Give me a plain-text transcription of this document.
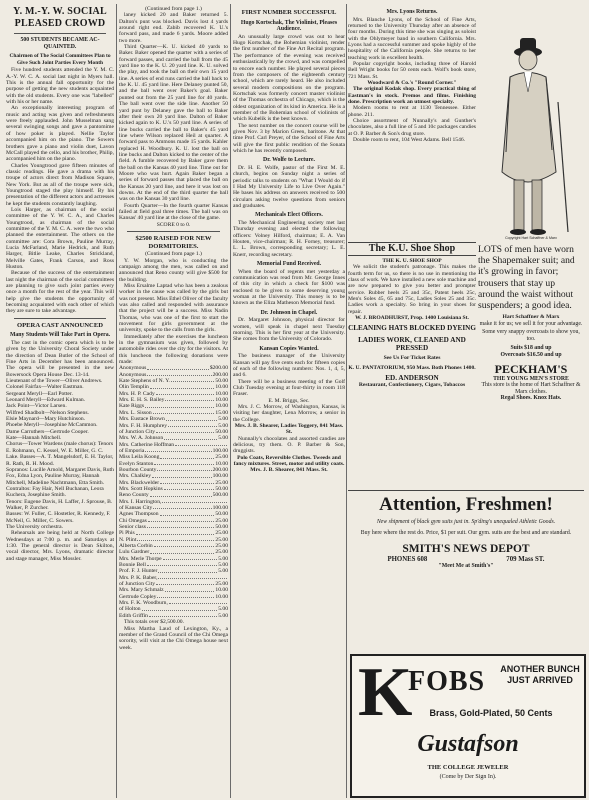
Y. M.-Y. W. SOCIAL PLEASED CROWD
500 STUDENTS BECAME AC-QUAINTED.
Chairmen of The Social Committees Plan to Give Such Joint Parties Every Month

Five hundred students attended the Y. M. C. A.-Y. W. C. A. social last night in Myers hall. This is the annual fall opportunity for the purpose of getting the new students acquainted with the old students. Every one was "labelled" with his or her name.

An exceptionally interesting program of music and acting was given and refreshments were freely applauded. John Musselman sang several swinging songs and gave a pantomime of how poker is played. Nellie Taylor accompanied him on the piano. The Sowers brothers gave a piano and violin duet, Lavon McCall played the cello, and his brother, Philip, accompanied him on the piano.

Charles Youngtrood gave fifteen minutes of classic readings. He gave a drama with his troupe of actors direct from Madison Square, New York. But as all of the troupe were sick, Youngtrood staged the play himself. By his presentation of the different actors and actresses he kept the students constantly laughing.

Lois Harger, as chairman of the social committee of the Y. W. C. A., and Charles Youngtrood, as chairman of the social committee of the Y. M. C. A. were the two who planned the entertainment. The others on the committee are: Cora Brown, Pauline Murray, Lucia McFarland, Marie Hedrick, and Ruth Harger, Bitlie Leake, Charles Strickland, Melville Gates, Frank Carson, and Ross Huston.

Because of the success of the entertainment last night the chairman of the social committees are planning to give such joint parties every once a month for the rest of the year. This will help give the students the opportunity of becoming acquainted with each other of which they are sure to take advantage.

OPERA CAST ANNOUNCED
Many Students Will Take Part in Opera.

The cast in the comic opera which is to be given by the University Choral Society under the direction of Dean Butler of the School of Fine Arts in December has been announced. The opera will be presented in the new Bowersock Opera House Dec. 13-14.

Lieutenant of the Tower—Oliver Andrews.

Colonel Fairfax—Walter Eastman.

Sergeant Meryll—Earl Potter.

Leonard Meryll—Edward Kulman.

Jack Point—Victor Larsen.

Wilfred Shadbolt—Nelson Stephens.

Elsie Maynard—Mary Hutchinson.

Phoebe Meryll—Josephine McCammon.

Dame Carruthers—Gertrude Cooper.

Kate—Hannah Mitchell.

Chorus—Tower Wardens (male chorus): Tenors E. Rohmann, C. Kessel, W. E. Miller, G. C. Lake. Basses—A. T. Mangelsdorf, E. H. Taylor, R. Rath, R. H. Mood.

Sopranos: Lucille Arnold, Margaret Davis, Ruth Fox, Edna Lyon, Pauline Murray, Hannah Mitchell, Madeline Nachtmann, Etta Smith.

Contraltos: Fay Hair, Nell Buchanan, Leora Kuchera, Josephine Smith.

Tenors: Eugene Davis, H. Laffer, J. Sprouse, B. Walker, P. Zurcher.

Basses: W. Fuller, C. Hostetler, R. Kennedy, F. McNeil, G. Miller, C. Sowers.

The University orchestra.

Rehearsals are being held at North College Wednesdays at 7:00 p. m. and Saturdays at 1:30. The general director is Dean Skilton, vocal director, Mrs. Lyons, dramatic director and stage manager, Miss Mossler.

(Continued from page 1.)

laney kicked 20 and Baker returned 5. Dalton's punt was blocked. Davis lost 4 yards around right end. Zabib recovered K. U.'s forward pass, and made 6 yards. Moore added two more.

Third Quarter—K. U. kicked 40 yards to Baker. Baker opened the quarter with a series of forward passes, and carried the ball from the 45 yard line to the K. U. 20 yard line. K. U. solved the play, and took the ball on their own 15 yard line. A series of end runs carried the ball back to the K. U. 45 yard line. Here Delaney punted 50, and the ball went over Baker's goal. Baker punted out from the 25 yard line for 40 yards. The ball went over the side line. Another 50 yard punt by Delaney gave the ball to Baker after their own 20 yard line. Dalton of Baker kicked again to K. U.'s 50 yard line. A series of line bucks carried the ball to Baker's 45 yard line where Wilson replaced Heil at quarter. A forward pass to Ammons made 15 yards. Kahler replaced H. Woodbury. K. U. lost the ball on line bucks and Dalton kicked to the center of the field. A fumble recovered by Baker gave them the ball on the Kansas 40 yard line. Time out for Moore who was hurt. Again Baker began a series of forward passes that placed the ball on the Kansas 20 yard line, and here it was lost on downs. At the end of the third quarter the ball was on the Kansas 30 yard line.

Fourth Quarter—In the fourth quarter Kansas failed at field goal three times. The ball was on Kansas' 40 yard line at the close of the game.

SCORE 0 to 0.

$2500 RAISED FOR NEW DORMITORIES.

(Continued from page 1.)

Y. W. Morgan, who is conducting the campaign among the men, was called on and announced that Reno county will give $500 for the building.

Miss Ersalme Laptad who has been a zealous worker in the cause was called by the girls but was not present. Miss Ethel Oliver of the faculty was also called and responded with assurance that the project will be a success. Miss Nadin Thomas, who was one of the first to start the movement for girls government at the university, spoke to the calls from the girls.

Immediately after the exercises the luncheon in the gymnasium was given, followed by automobile rides over the city for the visitors. At this luncheon the following donations were made:

Anonymous	$200.00
Anonymous	200.00
Kate Stephens of N. Y.	50.00
Olin Templin	10.00
Mrs. H. P. Cady	10.00
Mrs. E. H. S. Bailey	10.00
Kate Riggs	10.00
Mrs. L. Sisson	15.00
Mrs. Eustace Brown	5.00
Mrs. F. H. Humphrey	5.00
of Junction City	50.00
Mrs. W. A. Johnson	5.00
Mrs. Catherine Hoffman
of Emporia	100.00
Miss Leila Koong	25.00
Evelyn Stanton	10.00
Bourbon County	200.00
Mrs. Chalkley	100.00
Mrs. Blackwelder	25.00
Mrs. Scott Hopkins	50.00
Reno County	500.00
Mrs. I. Harrington,
of Kansas City	100.00
Agnes Thompson	50.00
Chi Omegas	25.00
Senior class	50.00
Pi Phis	25.00
N. Plint	25.00
Alberta Corbin	25.00
Lulu Gardner	25.00
Mrs. Merle Thorpe	5.00
Bonnie Bell	5.00
Prof. F. J. Hunter	5.00
Mrs. P. K. Baber,
of Junction City	25.00
Mrs. Mary Schmalz	10.00
Gertrude Copley	10.00
Mrs. F. K. Woodburn,
of Holton	5.00
Edith Griffin	5.00

This totals over $2,500.00.

Miss Martha Laud of Lexington, Ky., a member of the Grand Council of the Chi Omega sorority, will visit at the Chi Omega house next week.

FIRST NUMBER SUCCESSFUL
Hugo Kortschak, The Violinist, Pleases Audience.

An unusually large crowd was out to hear Hugo Kortschak, the Bohemian violinist, render the first number of the Fine Art Recital program. The performance of the evening was received enthusiastically by the crowd, and was compelled to encore each number. He played several pieces from the composers of the eighteenth century school, which are rarely heard. He also included several modern compositions on the program. Kortschak was formerly concert master violinist of the Thomas orchestra of Chicago, which is the oldest organization of its kind in America. He is a member of the Bohemian school of violinists of which Kubelik is the best known.

The next number on the concert course will be given Nov. 3 by Marion Green, baritone. At that time Prof. Carl Preyer, of the School of Fine Arts will give the first public rendition of the Sonata which he has recently composed.

Dr. Wolfe to Lecture.

Dr. H. E. Wolfe, pastor of the First M. E. church, begins on Sunday night a series of periodic talks to students on "What I Would do if I Had My University Life to Live Over Again." He bases his address on answers received to 500 circulars asking twelve questions from seniors and graduates.

Mechanicals Elect Officers.

The Mechanical Engineering society met last Thursday evening and elected the following officers: Volney Hilford, chairman; E. A. Van Houten, vice-chairman; R. H. Forney, treasurer; L. L. Brown, corresponding secretary; L. E. Knerr, recording secretary.

Memorial Fund Received.

When the board of regents met yesterday a communication was read from Mr. George Innes of this city in which a check for $100 was enclosed to be given to some deserving young woman at the University. This money is to be known as the Eliza Matheson Memorial fund.

Dr. Johnson in Chapel.

Dr. Margaret Johnson, physical director for women, will speak in chapel next Tuesday morning. This is her first year at the University. She comes from the University of Colorado.

Kansan Copies Wanted.

The business manager of the University Kansan will pay five cents each for fifteen copies of each of the following numbers: Nos. 1, 4, 5, and 6.

There will be a business meeting of the Golf Club Tuesday evening at four-thirty in room 118 Fraser.

E. M. Briggs, Sec.

Mrs. J. C. Morrow, of Washington, Kansas, is visiting her daughter, Lena Morrow, a senior in the College.

Mrs. J. B. Shearer, Ladies Toggery, 841 Mass. St.

Nunnally's chocolates and assorted candies are delicious, try them. O. P. Barber & Son, druggists.

Polo Coats, Reversible Clothes. Tweeds and fancy mixtures. Street, motor and utility coats. Mrs. J. B. Shearer, 841 Mass. St.

Mrs. Lyons Returns.

Mrs. Blanche Lyons, of the School of Fine Arts, returned to the University Thursday after an absence of four months. During this time she was singing as soloist with the Ohlymeyer band in southern California. Mrs. Lyons had a successful summer and spoke highly of the hospitality of the California people. She returns to her teaching work in excellent health.

Popular copyright books, including three of Harold Bell Wright books for 50 cents each. Wolf's book store, 721 Mass. St.

Woodward & Co.'s "Round Corner."

The original Kodak shop. Every practical thing of Eastman's in stock. Premos and films. Finishing done. Prescription work an utmost specialty.

Modern rooms to rent at 1130 Tennessee. Either phone. 211.

Choice assortment of Nunnally's and Gunther's chocolates, also a full line of 5 and 10c packages candies at O. P. Barber & Son's drug store.

Double room to rent, 104 West Adams. Bell 1546.

Copyright Hart Schaffner & Marx
The K.U. Shoe Shop

THE K. U. SHOE SHOP

We solicit the student's patronage. This makes the fourth term for us, so there is no use in mentioning the class of work. We have installed a new sole machine and are now prepared to give you better and prompter service. Rubber heels 25 and 35c, Patent heels 25c, Men's Soles 45, 65 and 75c, Ladies Soles 25 and 35c. Ladies work a specialty. So bring in your shoes for repair.

W. J. BROADHURST, Prop. 1400 Louisiana St.

CLEANING HATS BLOCKED DYEING
LADIES WORK, CLEANED AND PRESSED

See Us For Ticket Rates

K. U. PANTATORIUM, 950 Mass. Both Phones 1400.

ED. ANDERSON

Restaurant, Confectionery, Cigars, Tobaccos

LOTS of men have worn the Shapemaker suit; and it's growing in favor; trousers that stay up around the waist without suspenders; a good idea.

Hart Schaffner & Marx

make it for us; we sell it for your advantage.

Some very snappy overcoats to show you, too.

Suits $18 and up

Overcoats $16.50 and up

PECKHAM'S

THE YOUNG MEN'S STORE

This store is the home of Hart Schaffner & Marx clothes.

Regal Shoes. Knox Hats.

Attention, Freshmen!

New shipment of black gym suits just in. Sp'ding's unequaled Athletic Goods.

Buy here where the rest do. Price, $1 per suit. Our gym. suits are the best and are standard.

SMITH'S NEWS DEPOT
PHONES 608	709 Mass ST.

"Meet Me at Smith's"

K
FOBS ANOTHER BUNCH JUST ARRIVED
Brass, Gold-Plated, 50 Cents
Gustafson
THE COLLEGE JEWELER
(Come by Der Sign In).
